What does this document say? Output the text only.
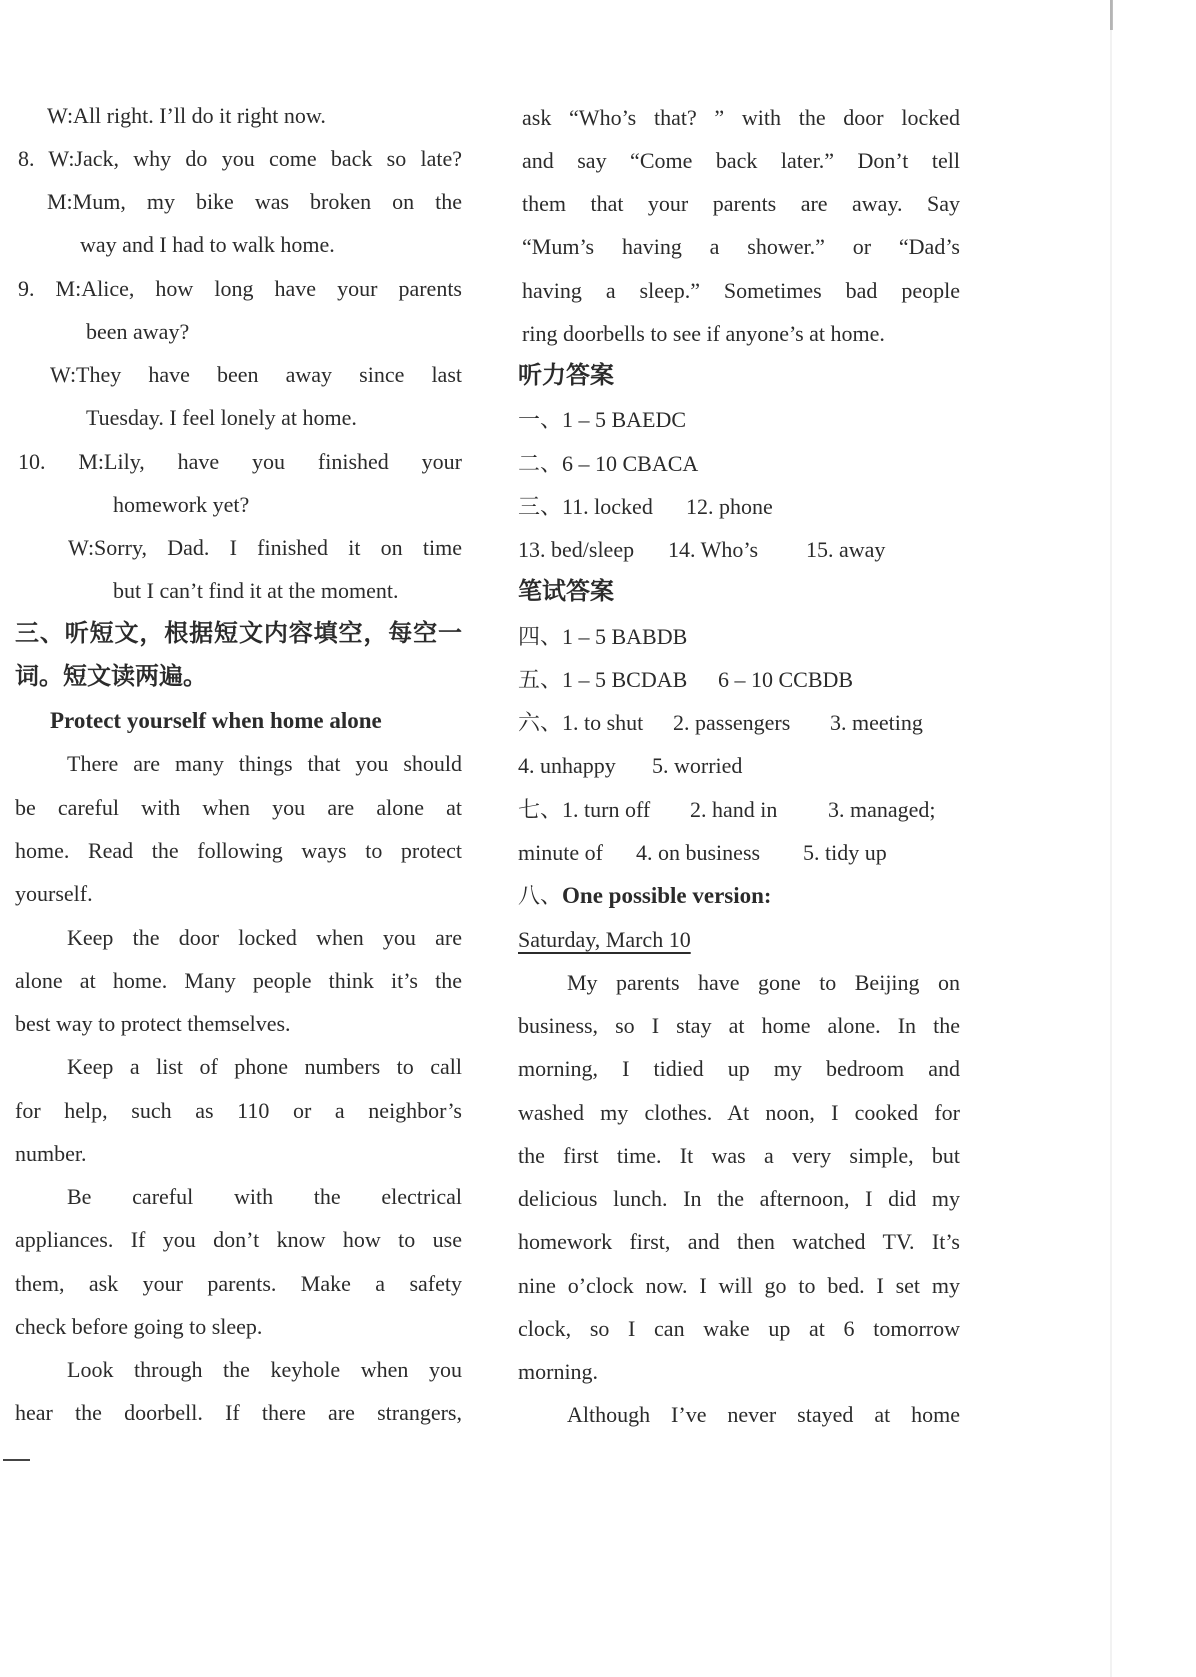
W:All right. I’ll do it right now.
8. W:Jack, why do you come back so late?
M:Mum, my bike was broken on the
way and I had to walk home.
9. M:Alice, how long have your parents
been away?
W:They have been away since last
Tuesday. I feel lonely at home.
10. M:Lily, have you finished your
homework yet?
W:Sorry, Dad. I finished it on time
but I can’t find it at the moment.
三、听短文，根据短文内容填空，每空一
词。短文读两遍。
Protect yourself when home alone
There are many things that you should
be careful with when you are alone at
home. Read the following ways to protect
yourself.
Keep the door locked when you are
alone at home. Many people think it’s the
best way to protect themselves.
Keep a list of phone numbers to call
for help, such as 110 or a neighbor’s
number.
Be careful with the electrical
appliances. If you don’t know how to use
them, ask your parents. Make a safety
check before going to sleep.
Look through the keyhole when you
hear the doorbell. If there are strangers,
ask “Who’s that? ” with the door locked
and say “Come back later.” Don’t tell
them that your parents are away. Say
“Mum’s having a shower.” or “Dad’s
having a sleep.” Sometimes bad people
ring doorbells to see if anyone’s at home.
听力答案
一、1 – 5 BAEDC
二、6 – 10 CBACA
三、11. locked 12. phone
13. bed/sleep 14. Who’s 15. away
笔试答案
四、1 – 5 BABDB
五、1 – 5 BCDAB 6 – 10 CCBDB
六、1. to shut 2. passengers 3. meeting
4. unhappy 5. worried
七、1. turn off 2. hand in 3. managed;
minute of 4. on business 5. tidy up
八、One possible version:
Saturday, March 10
My parents have gone to Beijing on
business, so I stay at home alone. In the
morning, I tidied up my bedroom and
washed my clothes. At noon, I cooked for
the first time. It was a very simple, but
delicious lunch. In the afternoon, I did my
homework first, and then watched TV. It’s
nine o’clock now. I will go to bed. I set my
clock, so I can wake up at 6 tomorrow
morning.
Although I’ve never stayed at home
